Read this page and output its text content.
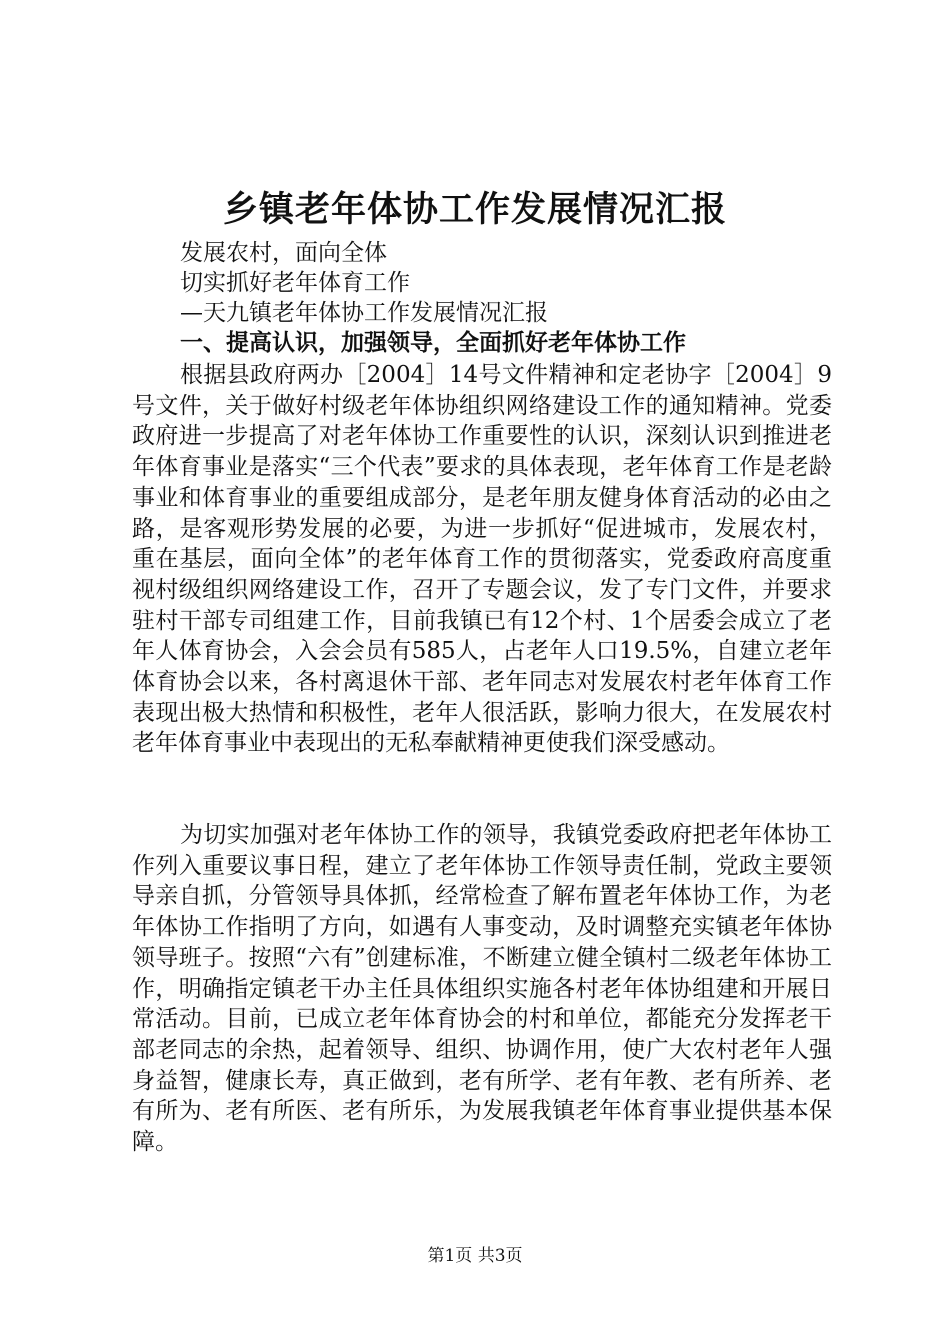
乡镇老年体协工作发展情况汇报
发展农村，面向全体
切实抓好老年体育工作
—天九镇老年体协工作发展情况汇报
一、提高认识，加强领导，全面抓好老年体协工作

根据县政府两办［2004］14号文件精神和定老协字［2004］9号文件，关于做好村级老年体协组织网络建设工作的通知精神。党委政府进一步提高了对老年体协工作重要性的认识，深刻认识到推进老年体育事业是落实“三个代表”要求的具体表现，老年体育工作是老龄事业和体育事业的重要组成部分，是老年朋友健身体育活动的必由之路，是客观形势发展的必要，为进一步抓好“促进城市，发展农村，重在基层，面向全体”的老年体育工作的贯彻落实，党委政府高度重视村级组织网络建设工作，召开了专题会议，发了专门文件，并要求驻村干部专司组建工作，目前我镇已有12个村、1个居委会成立了老年人体育协会，入会会员有585人，占老年人口19.5%，自建立老年体育协会以来，各村离退休干部、老年同志对发展农村老年体育工作表现出极大热情和积极性，老年人很活跃，影响力很大，在发展农村老年体育事业中表现出的无私奉献精神更使我们深受感动。

为切实加强对老年体协工作的领导，我镇党委政府把老年体协工作列入重要议事日程，建立了老年体协工作领导责任制，党政主要领导亲自抓，分管领导具体抓，经常检查了解布置老年体协工作，为老年体协工作指明了方向，如遇有人事变动，及时调整充实镇老年体协领导班子。按照“六有”创建标准，不断建立健全镇村二级老年体协工作，明确指定镇老干办主任具体组织实施各村老年体协组建和开展日常活动。目前，已成立老年体育协会的村和单位，都能充分发挥老干部老同志的余热，起着领导、组织、协调作用，使广大农村老年人强身益智，健康长寿，真正做到，老有所学、老有年教、老有所养、老有所为、老有所医、老有所乐，为发展我镇老年体育事业提供基本保障。

第1页 共3页
